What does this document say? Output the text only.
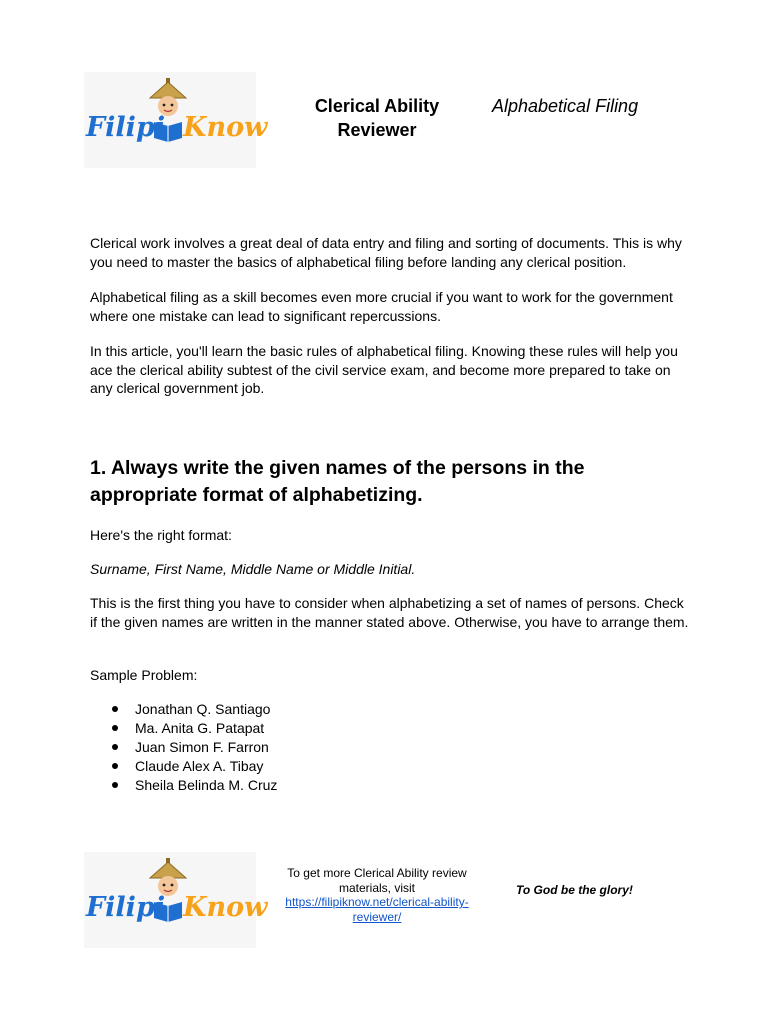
Filipi Know
Clerical Ability Reviewer
Alphabetical Filing
Clerical work involves a great deal of data entry and filing and sorting of documents. This is why you need to master the basics of alphabetical filing before landing any clerical position.
Alphabetical filing as a skill becomes even more crucial if you want to work for the government where one mistake can lead to significant repercussions.
In this article, you'll learn the basic rules of alphabetical filing. Knowing these rules will help you ace the clerical ability subtest of the civil service exam, and become more prepared to take on any clerical government job.
1. Always write the given names of the persons in the appropriate format of alphabetizing.
Here's the right format:
Surname, First Name, Middle Name or Middle Initial.
This is the first thing you have to consider when alphabetizing a set of names of persons. Check if the given names are written in the manner stated above. Otherwise, you have to arrange them.
Sample Problem:
Jonathan Q. Santiago
Ma. Anita G. Patapat
Juan Simon F. Farron
Claude Alex A. Tibay
Sheila Belinda M. Cruz
Filipi Know
To get more Clerical Ability review materials, visit
https://filipiknow.net/clerical-ability-reviewer/
To God be the glory!
